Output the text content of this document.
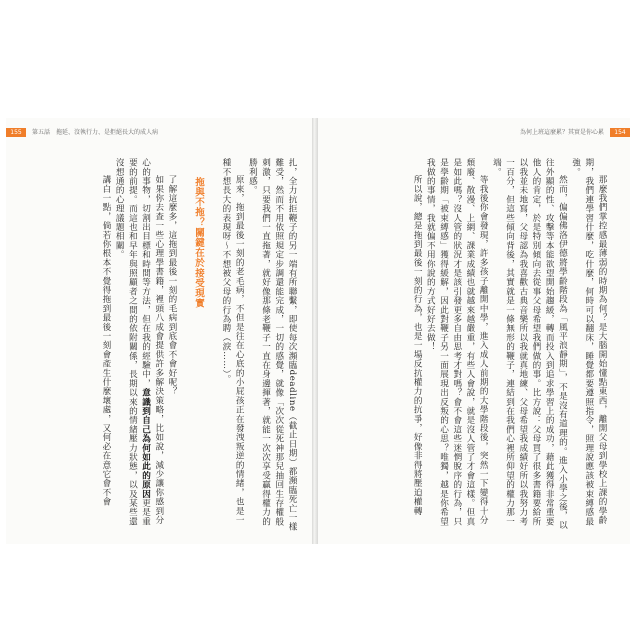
155	第五話　拖延、沒執行力、是拒絕長大的成人病

扎，全力抗拒鞭子的另一端有所聯繫，即使每次瀕臨deadline（截止日期）都瀕臨死亡一樣難受，然而不用依照規定步調還能完成，一切的感覺，就像「次次從死神那兒抽回生存權般刺激，只要我們一直拖著，就好像那條老鞭子一直在身邊揮著，就能一次次享受贏得權力的勝利感。

原來，拖到最後一刻的老毛病，不但是往在心底的小屁孩正在發洩叛逆的情緒，也是一種不想長大的表現呀～不想被父母的行為聘（淚……）。

拖與不拖？關鍵在於接受現實

了解這麼多，這拖到最後一刻的毛病到底會不會好呢？

如果你去查一些心理學書籍，裡頭八成會提供許多解決策略，比如說，減少讓你感到分心的事物，切割出目標和時間等方法，但在我的經驗中，意識到自己為何如此的原因更是重要的前提。而這也和早年與照顧者之間的依附關係，長期以來的情緒壓力狀態，以及某些還沒想通的心理議題相關。

講白一點，倘若你根本不覺得拖到最後一刻會產生什麼壞處，又何必在意它會不會

154
為何上班這麼累？其實是你心累

那麼我們掌控感最薄弱的時期為何？是大腦開始懂點東西，離開父母到學校上課的學齡期，我們連學習什麼，吃什麼，何時可以翻床，睡覺都要遵照指令，照理說應該被束縛感最強。

然而，偏偏佛洛伊德將學齡階段為「風平浪靜期」，不是沒有道理的。進入小學之後，以往外顯的性、攻擊等本能欲望開始趨緩，轉而投入到追求學習上的成功，藉此獲得非常重要他人的肯定，於是特別傾向去從事父母希望我們做的事。比方說：父母買了很多書籍要給所以我並未地寫，父母認為我喜歡古典音樂所以我就真地練、父母希望我成績好所以我努力考一百分，但這些傾向背後，其實就是一條無形的鞭子，連結到在我們心裡所仰望的權力那一端。

等我後你會發現，許多孩子離開中學，進入成人前期的大學階段後，突然一下變得十分頹廢、散漫、上網、課業成績也就越來越嚴重，有些人會說，就是沒人管了才會這樣。但真是如此嗎？沒人管的狀況才是該引發更多自由思考才對嗎？會不會這些迷惘脫序的行為，只是學齡期「被束縛感」獲得緩解，因此對鞭子另一面展現出反叛的心思？唯獨，越是你希望我做的事情，我就偏不用你說的方式好好去做！

所以說，總是拖到最後一刻的行為，也是一場反抗權力的抗爭，好像非得將壓迫權轉
